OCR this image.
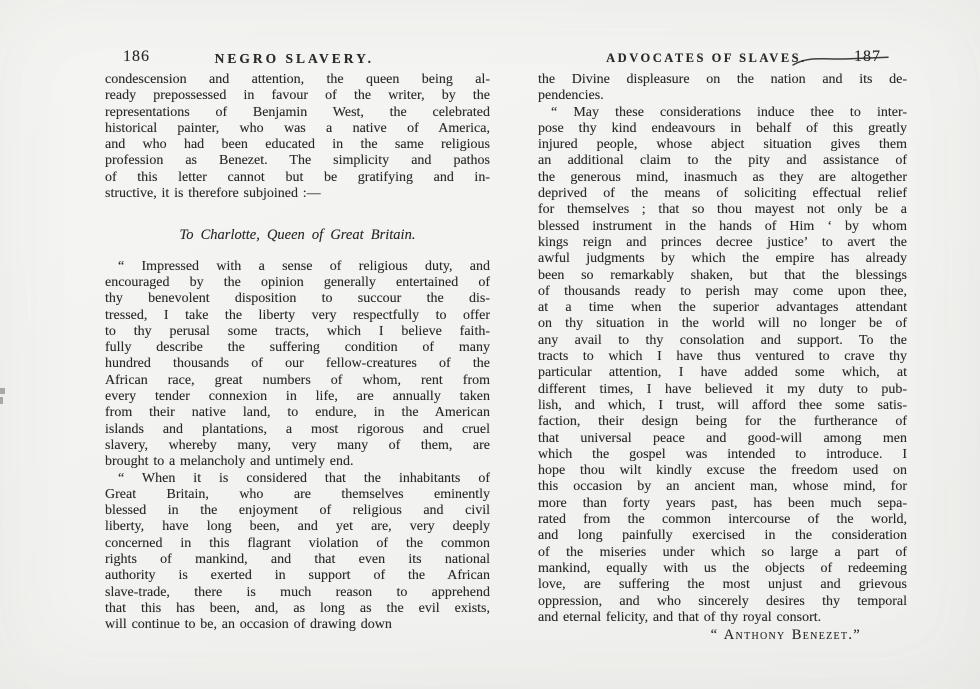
186	NEGRO SLAVERY.

condescension and attention, the queen being al-
ready prepossessed in favour of the writer, by the
representations of Benjamin West, the celebrated
historical painter, who was a native of America,
and who had been educated in the same religious
profession as Benezet. The simplicity and pathos
of this letter cannot but be gratifying and in-
structive, it is therefore subjoined :—

To Charlotte, Queen of Great Britain.

“ Impressed with a sense of religious duty, and
encouraged by the opinion generally entertained of
thy benevolent disposition to succour the dis-
tressed, I take the liberty very respectfully to offer
to thy perusal some tracts, which I believe faith-
fully describe the suffering condition of many
hundred thousands of our fellow-creatures of the
African race, great numbers of whom, rent from
every tender connexion in life, are annually taken
from their native land, to endure, in the American
islands and plantations, a most rigorous and cruel
slavery, whereby many, very many of them, are
brought to a melancholy and untimely end.

“ When it is considered that the inhabitants of
Great Britain, who are themselves eminently
blessed in the enjoyment of religious and civil
liberty, have long been, and yet are, very deeply
concerned in this flagrant violation of the common
rights of mankind, and that even its national
authority is exerted in support of the African
slave-trade, there is much reason to apprehend
that this has been, and, as long as the evil exists,
will continue to be, an occasion of drawing down

ADVOCATES OF SLAVES.	187

the Divine displeasure on the nation and its de-
pendencies.

“ May these considerations induce thee to inter-
pose thy kind endeavours in behalf of this greatly
injured people, whose abject situation gives them
an additional claim to the pity and assistance of
the generous mind, inasmuch as they are altogether
deprived of the means of soliciting effectual relief
for themselves ; that so thou mayest not only be a
blessed instrument in the hands of Him ‘ by whom
kings reign and princes decree justice’ to avert the
awful judgments by which the empire has already
been so remarkably shaken, but that the blessings
of thousands ready to perish may come upon thee,
at a time when the superior advantages attendant
on thy situation in the world will no longer be of
any avail to thy consolation and support. To the
tracts to which I have thus ventured to crave thy
particular attention, I have added some which, at
different times, I have believed it my duty to pub-
lish, and which, I trust, will afford thee some satis-
faction, their design being for the furtherance of
that universal peace and good-will among men
which the gospel was intended to introduce. I
hope thou wilt kindly excuse the freedom used on
this occasion by an ancient man, whose mind, for
more than forty years past, has been much sepa-
rated from the common intercourse of the world,
and long painfully exercised in the consideration
of the miseries under which so large a part of
mankind, equally with us the objects of redeeming
love, are suffering the most unjust and grievous
oppression, and who sincerely desires thy temporal
and eternal felicity, and that of thy royal consort.

“ Anthony Benezet.”
